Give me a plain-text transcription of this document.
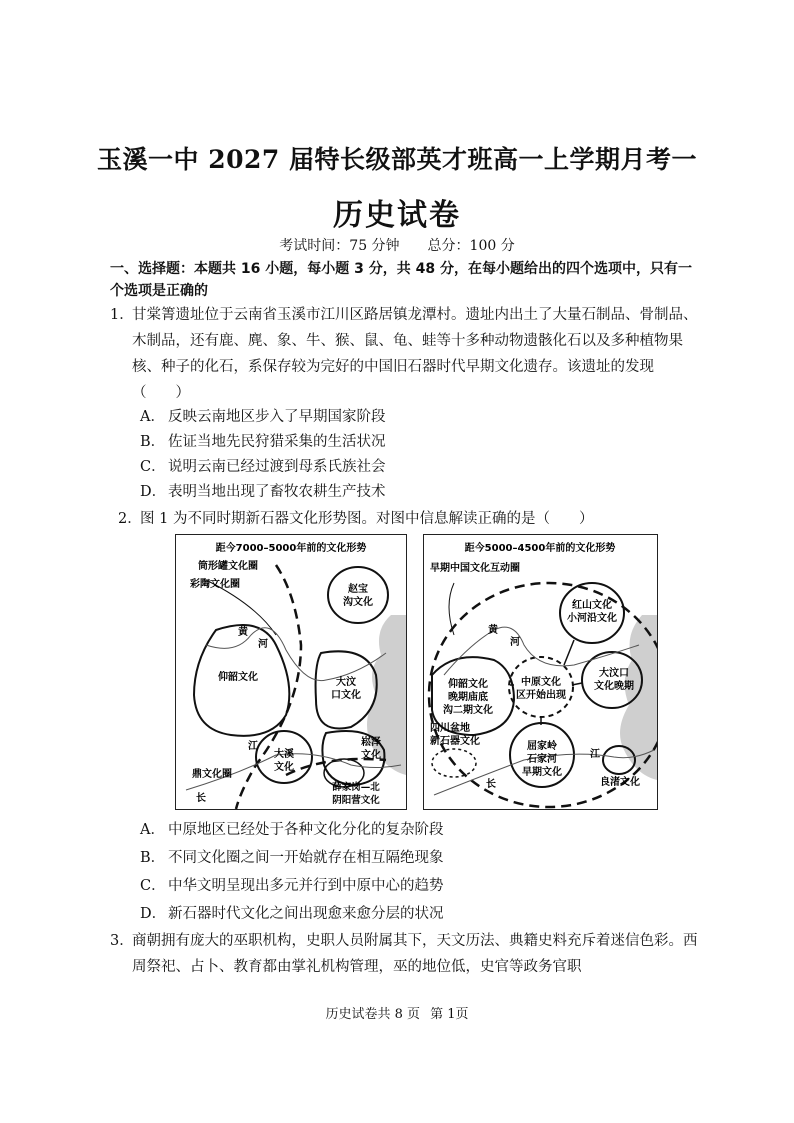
玉溪一中 2027 届特长级部英才班高一上学期月考一
历史试卷
考试时间：75 分钟 总分：100 分
一、选择题：本题共 16 小题，每小题 3 分，共 48 分，在每小题给出的四个选项中，只有一个选项是正确的
1．
甘棠箐遗址位于云南省玉溪市江川区路居镇龙潭村。遗址内出土了大量石制品、骨制品、木制品，还有鹿、麂、象、牛、猴、鼠、龟、蛙等十多种动物遗骸化石以及多种植物果核、种子的化石，系保存较为完好的中国旧石器时代早期文化遗存。该遗址的发现（　　）
A． 反映云南地区步入了早期国家阶段
B． 佐证当地先民狩猎采集的生活状况
C． 说明云南已经过渡到母系氏族社会
D． 表明当地出现了畜牧农耕生产技术
2．
图 1 为不同时期新石器文化形势图。对图中信息解读正确的是（　　）
距今7000–5000年前的文化形势
筒形罐文化圈
彩陶文化圈	赵宝
沟文化
黄
河
仰韶文化	大汶
口文化
江
大溪
文化
崧泽
文化
鼎文化圈
长
薛家岗—北
阴阳营文化
距今5000–4500年前的文化形势
早期中国文化互动圈
红山文化
小河沿文化
黄
河
仰韶文化
晚期庙底
沟二期文化
中原文化
区开始出现
大汶口
文化晚期
四川盆地
新石器文化	屈家岭
石家河
早期文化
江
长	良渚文化
A． 中原地区已经处于各种文化分化的复杂阶段
B． 不同文化圈之间一开始就存在相互隔绝现象
C． 中华文明呈现出多元并行到中原中心的趋势
D． 新石器时代文化之间出现愈来愈分层的状况
3．
商朝拥有庞大的巫职机构，史职人员附属其下，天文历法、典籍史料充斥着迷信色彩。西周祭祀、占卜、教育都由掌礼机构管理，巫的地位低，史官等政务官职
历史试卷共 8 页 第 1页
